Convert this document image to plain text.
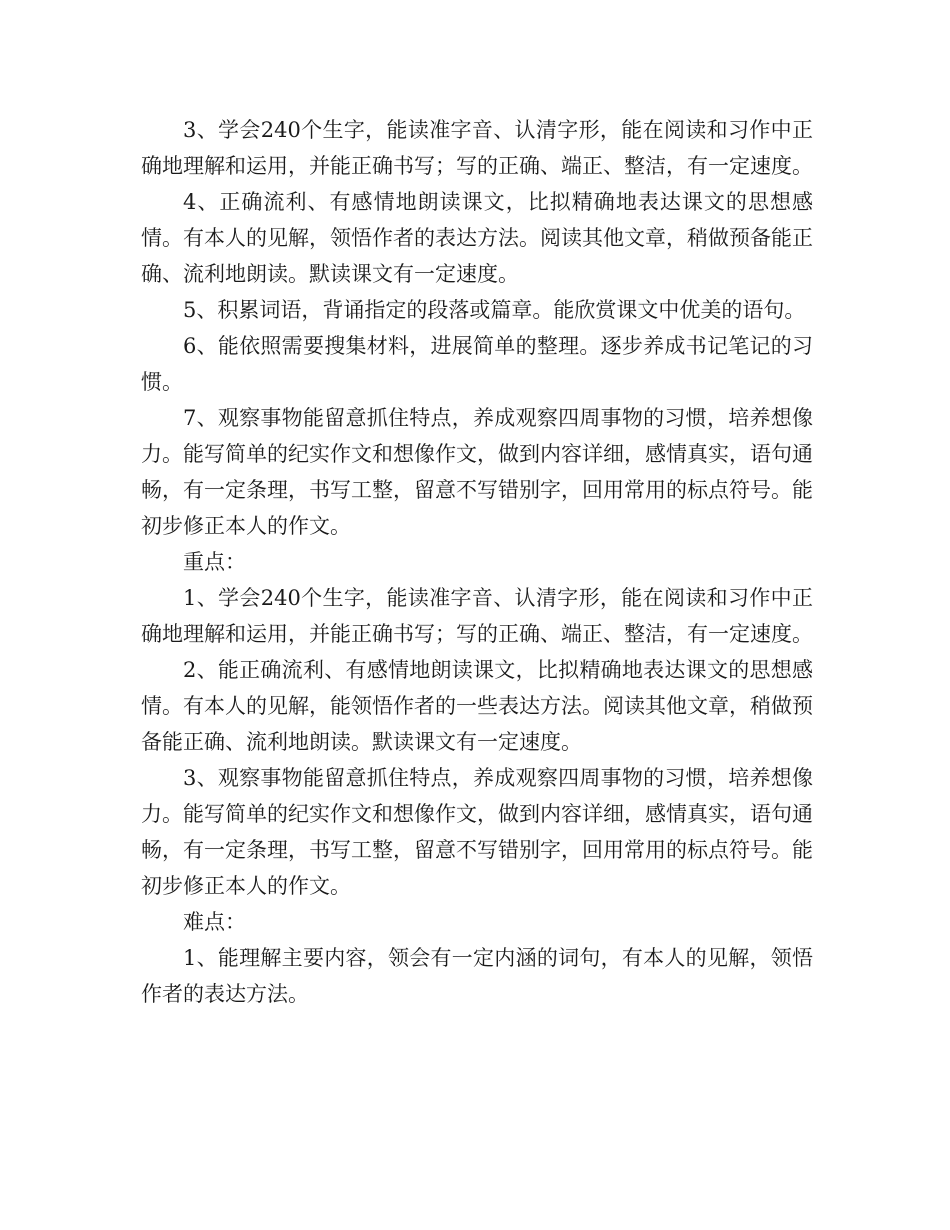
3、学会240个生字，能读准字音、认清字形，能在阅读和习作中正确地理解和运用，并能正确书写；写的正确、端正、整洁，有一定速度。

4、正确流利、有感情地朗读课文，比拟精确地表达课文的思想感情。有本人的见解，领悟作者的表达方法。阅读其他文章，稍做预备能正确、流利地朗读。默读课文有一定速度。

5、积累词语，背诵指定的段落或篇章。能欣赏课文中优美的语句。

6、能依照需要搜集材料，进展简单的整理。逐步养成书记笔记的习惯。

7、观察事物能留意抓住特点，养成观察四周事物的习惯，培养想像力。能写简单的纪实作文和想像作文，做到内容详细，感情真实，语句通畅，有一定条理，书写工整，留意不写错别字，回用常用的标点符号。能初步修正本人的作文。

重点：

1、学会240个生字，能读准字音、认清字形，能在阅读和习作中正确地理解和运用，并能正确书写；写的正确、端正、整洁，有一定速度。

2、能正确流利、有感情地朗读课文，比拟精确地表达课文的思想感情。有本人的见解，能领悟作者的一些表达方法。阅读其他文章，稍做预备能正确、流利地朗读。默读课文有一定速度。

3、观察事物能留意抓住特点，养成观察四周事物的习惯，培养想像力。能写简单的纪实作文和想像作文，做到内容详细，感情真实，语句通畅，有一定条理，书写工整，留意不写错别字，回用常用的标点符号。能初步修正本人的作文。

难点：

1、能理解主要内容，领会有一定内涵的词句，有本人的见解，领悟作者的表达方法。
